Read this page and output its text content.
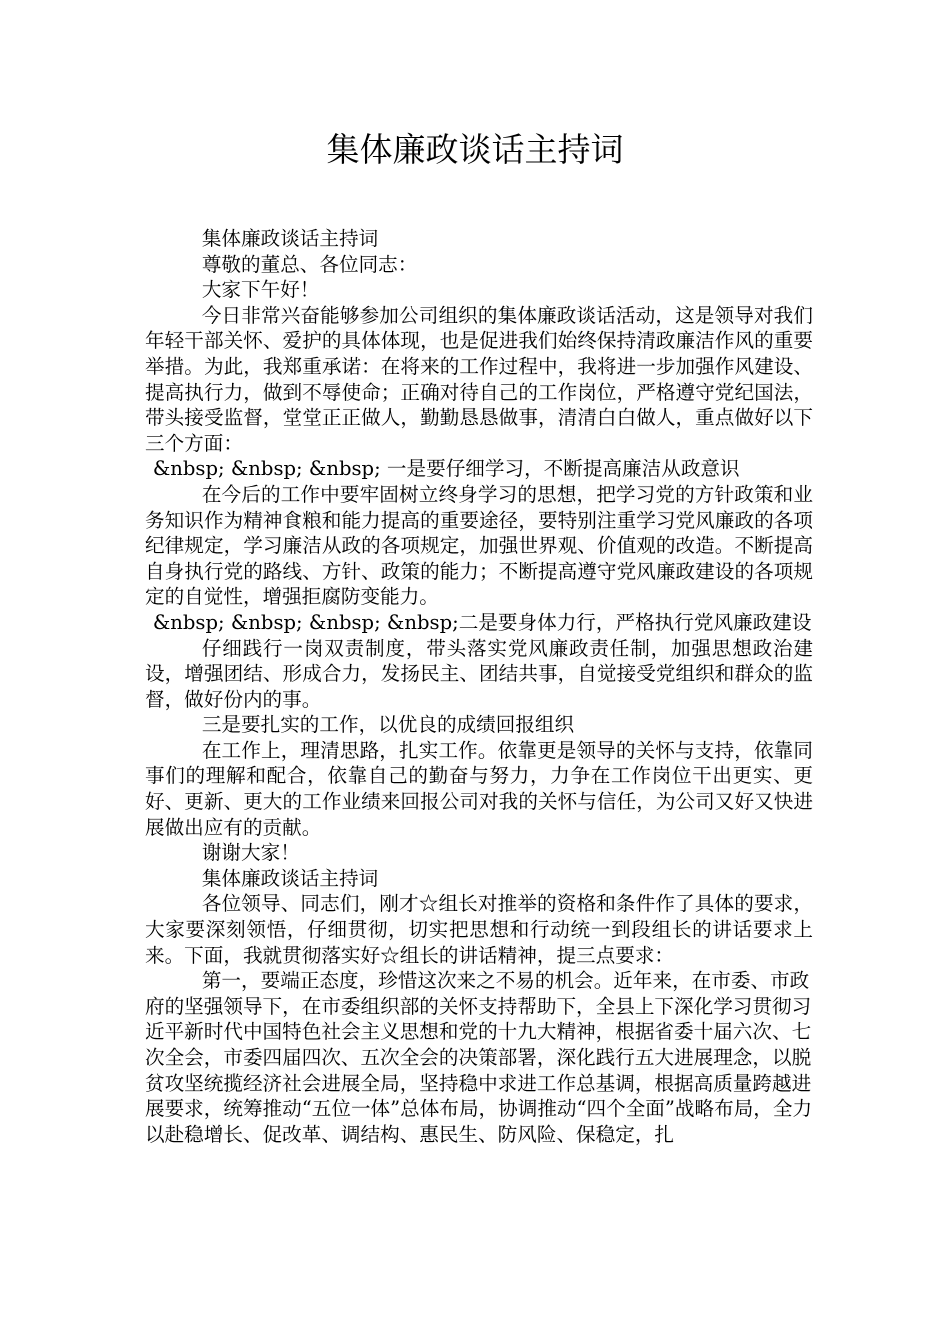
集体廉政谈话主持词

集体廉政谈话主持词

尊敬的董总、各位同志：

大家下午好！

今日非常兴奋能够参加公司组织的集体廉政谈话活动，这是领导对我们年轻干部关怀、爱护的具体体现，也是促进我们始终保持清政廉洁作风的重要举措。为此，我郑重承诺：在将来的工作过程中，我将进一步加强作风建设、提高执行力，做到不辱使命；正确对待自己的工作岗位，严格遵守党纪国法，带头接受监督，堂堂正正做人，勤勤恳恳做事，清清白白做人，重点做好以下三个方面：

&nbsp; &nbsp; &nbsp; 一是要仔细学习，不断提高廉洁从政意识

在今后的工作中要牢固树立终身学习的思想，把学习党的方针政策和业务知识作为精神食粮和能力提高的重要途径，要特别注重学习党风廉政的各项纪律规定，学习廉洁从政的各项规定，加强世界观、价值观的改造。不断提高自身执行党的路线、方针、政策的能力；不断提高遵守党风廉政建设的各项规定的自觉性，增强拒腐防变能力。

&nbsp; &nbsp; &nbsp; &nbsp;二是要身体力行，严格执行党风廉政建设

仔细践行一岗双责制度，带头落实党风廉政责任制，加强思想政治建设，增强团结、形成合力，发扬民主、团结共事，自觉接受党组织和群众的监督，做好份内的事。

三是要扎实的工作，以优良的成绩回报组织

在工作上，理清思路，扎实工作。依靠更是领导的关怀与支持，依靠同事们的理解和配合，依靠自己的勤奋与努力，力争在工作岗位干出更实、更好、更新、更大的工作业绩来回报公司对我的关怀与信任，为公司又好又快进展做出应有的贡献。

谢谢大家！

集体廉政谈话主持词

各位领导、同志们，刚才☆组长对推举的资格和条件作了具体的要求，大家要深刻领悟，仔细贯彻，切实把思想和行动统一到段组长的讲话要求上来。下面，我就贯彻落实好☆组长的讲话精神，提三点要求：

第一，要端正态度，珍惜这次来之不易的机会。近年来，在市委、市政府的坚强领导下，在市委组织部的关怀支持帮助下，全县上下深化学习贯彻习近平新时代中国特色社会主义思想和党的十九大精神，根据省委十届六次、七次全会，市委四届四次、五次全会的决策部署，深化践行五大进展理念，以脱贫攻坚统揽经济社会进展全局，坚持稳中求进工作总基调，根据高质量跨越进展要求，统筹推动“五位一体”总体布局，协调推动“四个全面”战略布局，全力以赴稳增长、促改革、调结构、惠民生、防风险、保稳定，扎
